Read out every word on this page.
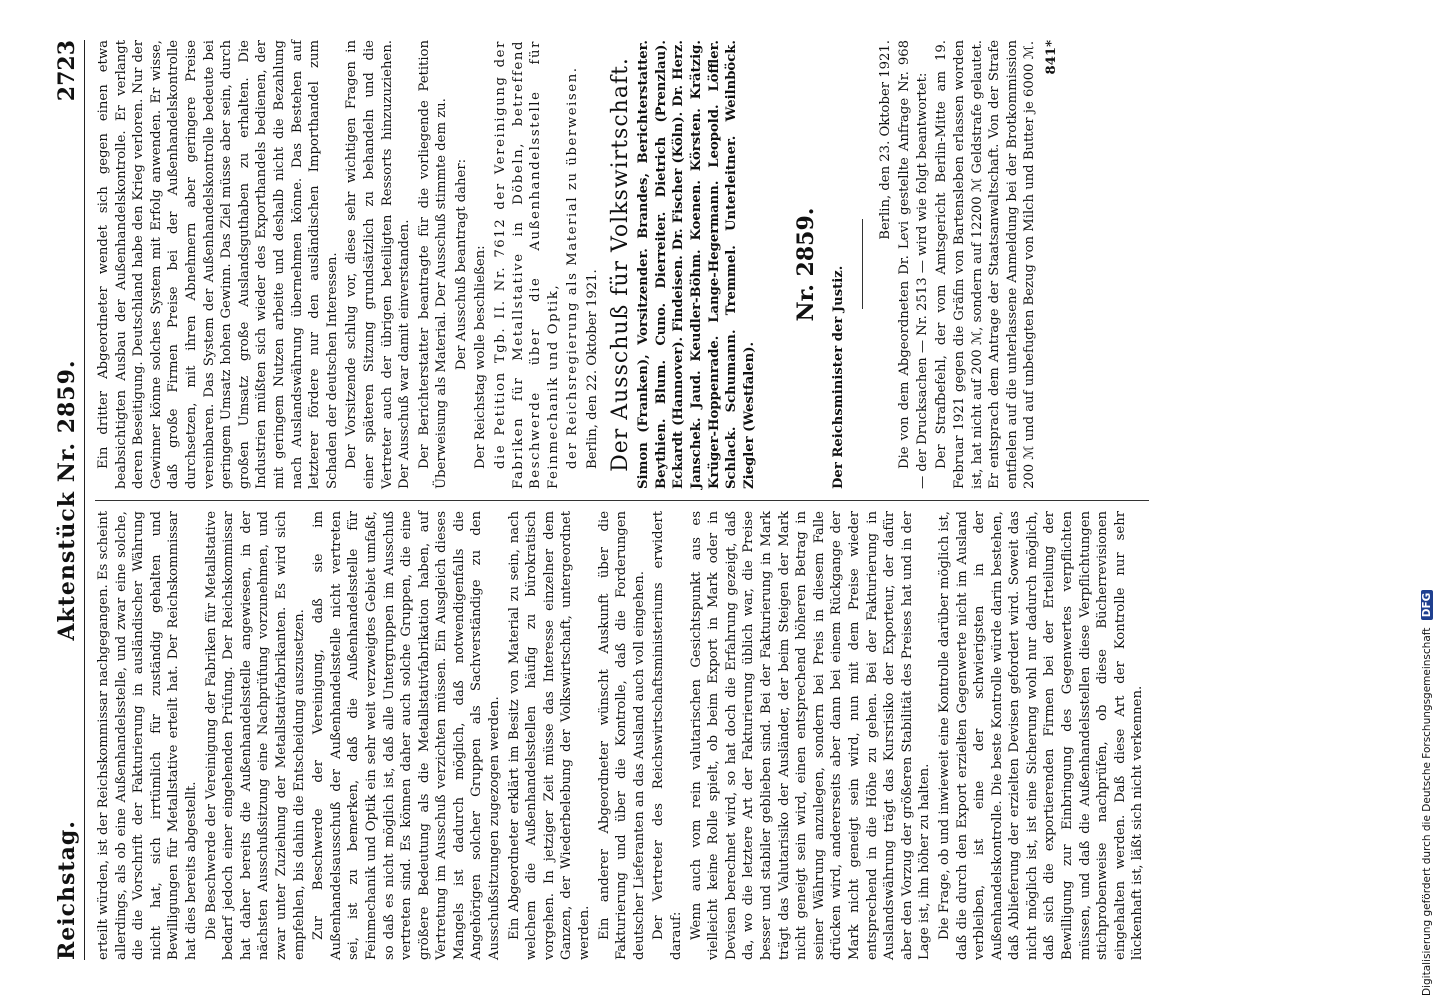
Reichstag.
Aktenstück Nr. 2859.
2723

erteilt würden, ist der Reichskommissar nachgegangen. Es scheint allerdings, als ob eine Außenhandelsstelle, und zwar eine solche, die die Vorschrift der Fakturierung in ausländischer Währung nicht hat, sich irrtümlich für zuständig gehalten und Bewilligungen für Metallstative erteilt hat. Der Reichskommissar hat dies bereits abgestellt. Die Beschwerde der Vereinigung der Fabriken für Metallstative bedarf jedoch einer eingehenden Prüfung. Der Reichskommissar hat daher bereits die Außenhandelsstelle angewiesen, in der nächsten Ausschußsitzung eine Nachprüfung vorzunehmen, und zwar unter Zuziehung der Metallstativfabrikanten. Es wird sich empfehlen, bis dahin die Entscheidung auszusetzen. Zur Beschwerde der Vereinigung, daß sie im Außenhandelsausschuß der Außenhandelsstelle nicht vertreten sei, ist zu bemerken, daß die Außenhandelsstelle für Feinmechanik und Optik ein sehr weit verzweigtes Gebiet umfaßt, so daß es nicht möglich ist, daß alle Untergruppen im Ausschuß vertreten sind. Es können daher auch solche Gruppen, die eine größere Bedeutung als die Metallstativfabrikation haben, auf Vertretung im Ausschuß verzichten müssen. Ein Ausgleich dieses Mangels ist dadurch möglich, daß notwendigenfalls die Angehörigen solcher Gruppen als Sachverständige zu den Ausschußsitzungen zugezogen werden. Ein Abgeordneter erklärt im Besitz von Material zu sein, nach welchem die Außenhandelsstellen häufig zu bürokratisch vorgehen. In jetziger Zeit müsse das Interesse einzelner dem Ganzen, der Wiederbelebung der Volkswirtschaft, untergeordnet werden. Ein anderer Abgeordneter wünscht Auskunft über die Fakturierung und über die Kontrolle, daß die Forderungen deutscher Lieferanten an das Ausland auch voll eingehen. Der Vertreter des Reichswirtschaftsministeriums erwidert darauf: Wenn auch vom rein valutarischen Gesichtspunkt aus es vielleicht keine Rolle spielt, ob beim Export in Mark oder in Devisen berechnet wird, so hat doch die Erfahrung gezeigt, daß da, wo die letztere Art der Fakturierung üblich war, die Preise besser und stabiler geblieben sind. Bei der Fakturierung in Mark trägt das Valutarisiko der Ausländer, der beim Steigen der Mark nicht geneigt sein wird, einen entsprechend höheren Betrag in seiner Währung anzulegen, sondern bei Preis in diesem Falle drücken wird, andererseits aber dann bei einem Rückgange der Mark nicht geneigt sein wird, nun mit dem Preise wieder entsprechend in die Höhe zu gehen. Bei der Fakturierung in Auslandswährung trägt das Kursrisiko der Exporteur, der dafür aber den Vorzug der größeren Stabilität des Preises hat und in der Lage ist, ihn höher zu halten. Die Frage, ob und inwieweit eine Kontrolle darüber möglich ist, daß die durch den Export erzielten Gegenwerte nicht im Ausland verbleiben, ist eine der schwierigsten in der Außenhandelskontrolle. Die beste Kontrolle würde darin bestehen, daß Ablieferung der erzielten Devisen gefordert wird. Soweit das nicht möglich ist, ist eine Sicherung wohl nur dadurch möglich, daß sich die exportierenden Firmen bei der Erteilung der Bewilligung zur Einbringung des Gegenwertes verpflichten müssen, und daß die Außenhandelsstellen diese Verpflichtungen stichprobenweise nachprüfen, ob diese Bücherrevisionen eingehalten werden. Daß diese Art der Kontrolle nur sehr lückenhaft ist, läßt sich nicht verkennen.

Ein dritter Abgeordneter wendet sich gegen einen etwa beabsichtigten Ausbau der Außenhandelskontrolle. Er verlangt deren Beseitigung. Deutschland habe den Krieg verloren. Nur der Gewinner könne solches System mit Erfolg anwenden. Er wisse, daß große Firmen Preise bei der Außenhandelskontrolle durchsetzen, mit ihren Abnehmern aber geringere Preise vereinbaren. Das System der Außenhandelskontrolle bedeute bei geringem Umsatz hohen Gewinn. Das Ziel müsse aber sein, durch großen Umsatz große Auslandsguthaben zu erhalten. Die Industrien müßten sich wieder des Exporthandels bedienen, der mit geringem Nutzen arbeite und deshalb nicht die Bezahlung nach Auslandswährung übernehmen könne. Das Bestehen auf letzterer fördere nur den ausländischen Importhandel zum Schaden der deutschen Interessen. Der Vorsitzende schlug vor, diese sehr wichtigen Fragen in einer späteren Sitzung grundsätzlich zu behandeln und die Vertreter auch der übrigen beteiligten Ressorts hinzuzuziehen. Der Ausschuß war damit einverstanden. Der Berichterstatter beantragte für die vorliegende Petition Überweisung als Material. Der Ausschuß stimmte dem zu. Der Ausschuß beantragt daher: Der Reichstag wolle beschließen: die Petition Tgb. II. Nr. 7612 der Vereinigung der Fabriken für Metallstative in Döbeln, betreffend Beschwerde über die Außenhandelsstelle für Feinmechanik und Optik, der Reichsregierung als Material zu überweisen. Berlin, den 22. Oktober 1921. Der Ausschuß für Volkswirtschaft. Simon (Franken), Vorsitzender. Brandes, Berichterstatter. Beythien. Blum. Cuno. Dierreiter. Dietrich (Prenzlau). Eckardt (Hannover). Findeisen. Dr. Fischer (Köln). Dr. Herz. Janschek. Jaud. Keudler-Böhm. Koenen. Körsten. Krätzig. Krüger-Hoppenrade. Lange-Hegermann. Leopold. Löffler. Schlack. Schumann. Tremmel. Unterleitner. Weilnböck. Ziegler (Westfalen).

Nr. 2859.

Der Reichsminister der Justiz.

Berlin, den 23. Oktober 1921. Die von dem Abgeordneten Dr. Levi gestellte Anfrage Nr. 968 — der Drucksachen — Nr. 2513 — wird wie folgt beantwortet: Der Strafbefehl, der vom Amtsgericht Berlin-Mitte am 19. Februar 1921 gegen die Gräfin von Bartensleben erlassen worden ist, hat nicht auf 200 ℳ, sondern auf 12200 ℳ Geldstrafe gelautet. Er entsprach dem Antrage der Staatsanwaltschaft. Von der Strafe entfielen auf die unterlassene Anmeldung bei der Brotkommission 200 ℳ und auf unbefugten Bezug von Milch und Butter je 6000 ℳ. 841*
Digitalisierung gefördert durch die Deutsche Forschungsgemeinschaft DFG
